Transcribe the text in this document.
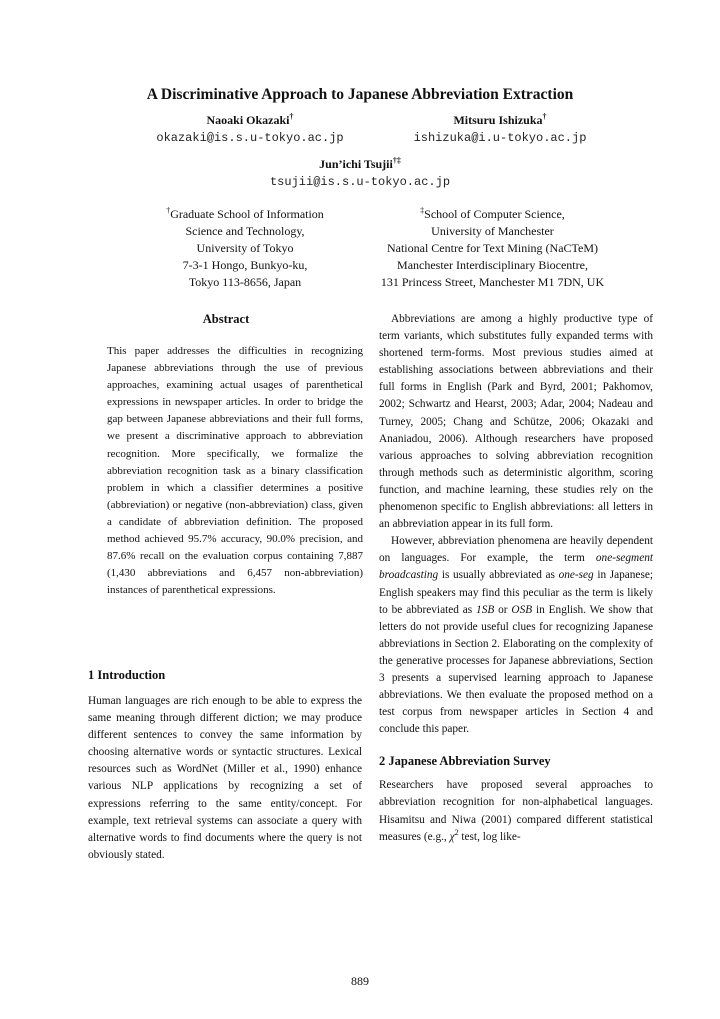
A Discriminative Approach to Japanese Abbreviation Extraction
Naoaki Okazaki†
okazaki@is.s.u-tokyo.ac.jp
Mitsuru Ishizuka†
ishizuka@i.u-tokyo.ac.jp
Jun’ichi Tsujii†‡
tsujii@is.s.u-tokyo.ac.jp
†Graduate School of Information
Science and Technology,
University of Tokyo
7-3-1 Hongo, Bunkyo-ku,
Tokyo 113-8656, Japan
‡School of Computer Science,
University of Manchester
National Centre for Text Mining (NaCTeM)
Manchester Interdisciplinary Biocentre,
131 Princess Street, Manchester M1 7DN, UK
Abstract

This paper addresses the difficulties in recognizing Japanese abbreviations through the use of previous approaches, examining actual usages of parenthetical expressions in newspaper articles. In order to bridge the gap between Japanese abbreviations and their full forms, we present a discriminative approach to abbreviation recognition. More specifically, we formalize the abbreviation recognition task as a binary classification problem in which a classifier determines a positive (abbreviation) or negative (non-abbreviation) class, given a candidate of abbreviation definition. The proposed method achieved 95.7% accuracy, 90.0% precision, and 87.6% recall on the evaluation corpus containing 7,887 (1,430 abbreviations and 6,457 non-abbreviation) instances of parenthetical expressions.

1 Introduction

Human languages are rich enough to be able to express the same meaning through different diction; we may produce different sentences to convey the same information by choosing alternative words or syntactic structures. Lexical resources such as WordNet (Miller et al., 1990) enhance various NLP applications by recognizing a set of expressions referring to the same entity/concept. For example, text retrieval systems can associate a query with alternative words to find documents where the query is not obviously stated.

Abbreviations are among a highly productive type of term variants, which substitutes fully expanded terms with shortened term-forms. Most previous studies aimed at establishing associations between abbreviations and their full forms in English (Park and Byrd, 2001; Pakhomov, 2002; Schwartz and Hearst, 2003; Adar, 2004; Nadeau and Turney, 2005; Chang and Schütze, 2006; Okazaki and Ananiadou, 2006). Although researchers have proposed various approaches to solving abbreviation recognition through methods such as deterministic algorithm, scoring function, and machine learning, these studies rely on the phenomenon specific to English abbreviations: all letters in an abbreviation appear in its full form.

However, abbreviation phenomena are heavily dependent on languages. For example, the term one-segment broadcasting is usually abbreviated as one-seg in Japanese; English speakers may find this peculiar as the term is likely to be abbreviated as 1SB or OSB in English. We show that letters do not provide useful clues for recognizing Japanese abbreviations in Section 2. Elaborating on the complexity of the generative processes for Japanese abbreviations, Section 3 presents a supervised learning approach to Japanese abbreviations. We then evaluate the proposed method on a test corpus from newspaper articles in Section 4 and conclude this paper.

2 Japanese Abbreviation Survey

Researchers have proposed several approaches to abbreviation recognition for non-alphabetical languages. Hisamitsu and Niwa (2001) compared different statistical measures (e.g., $\chi^2$ test, log like-

889
